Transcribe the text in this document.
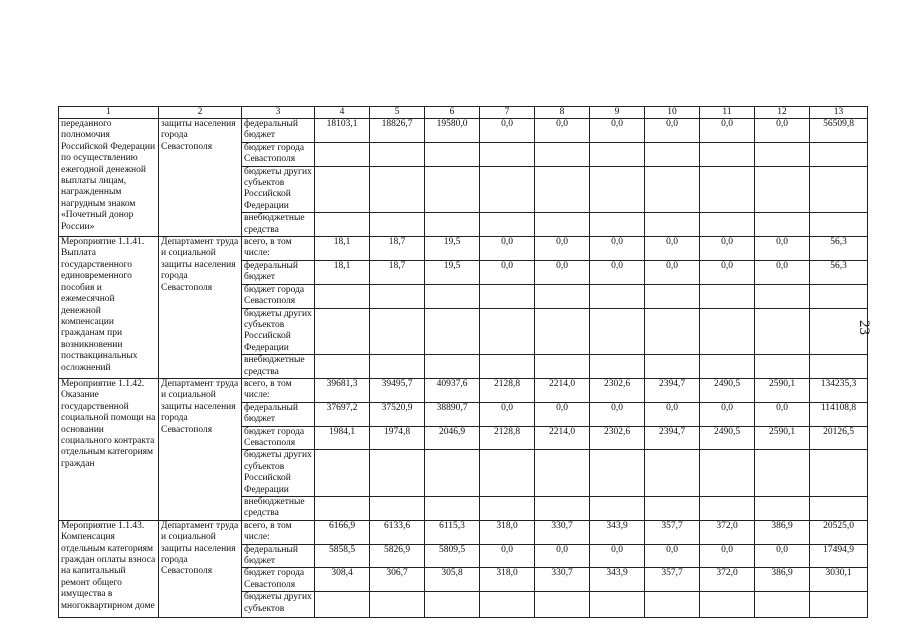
1	2	3	4	5	6	7	8	9	10	11	12	13
переданного полномочия Российской Федерации по осуществлению ежегодной денежной выплаты лицам, награжденным нагрудным знаком «Почетный донор России»	защиты населения города Севастополя	федеральный бюджет	18103,1	18826,7	19580,0	0,0	0,0	0,0	0,0	0,0	0,0	56509,8
		бюджет города Севастополя										
		бюджеты других субъектов Российской Федерации										
		внебюджетные средства										
Мероприятие 1.1.41. Выплата государственного единовременного пособия и ежемесячной денежной компенсации гражданам при возникновении поствакцинальных осложнений	Департамент труда и социальной защиты населения города Севастополя	всего, в том числе:	18,1	18,7	19,5	0,0	0,0	0,0	0,0	0,0	0,0	56,3
		федеральный бюджет	18,1	18,7	19,5	0,0	0,0	0,0	0,0	0,0	0,0	56,3
		бюджет города Севастополя										
		бюджеты других субъектов Российской Федерации										
		внебюджетные средства										
Мероприятие 1.1.42. Оказание государственной социальной помощи на основании социального контракта отдельным категориям граждан	Департамент труда и социальной защиты населения города Севастополя	всего, в том числе:	39681,3	39495,7	40937,6	2128,8	2214,0	2302,6	2394,7	2490,5	2590,1	134235,3
		федеральный бюджет	37697,2	37520,9	38890,7	0,0	0,0	0,0	0,0	0,0	0,0	114108,8
		бюджет города Севастополя	1984,1	1974,8	2046,9	2128,8	2214,0	2302,6	2394,7	2490,5	2590,1	20126,5
		бюджеты других субъектов Российской Федерации										
		внебюджетные средства										
Мероприятие 1.1.43. Компенсация отдельным категориям граждан оплаты взноса на капитальный ремонт общего имущества в многоквартирном доме	Департамент труда и социальной защиты населения города Севастополя	всего, в том числе:	6166,9	6133,6	6115,3	318,0	330,7	343,9	357,7	372,0	386,9	20525,0
		федеральный бюджет	5858,5	5826,9	5809,5	0,0	0,0	0,0	0,0	0,0	0,0	17494,9
		бюджет города Севастополя	308,4	306,7	305,8	318,0	330,7	343,9	357,7	372,0	386,9	3030,1
		бюджеты других субъектов										
23
